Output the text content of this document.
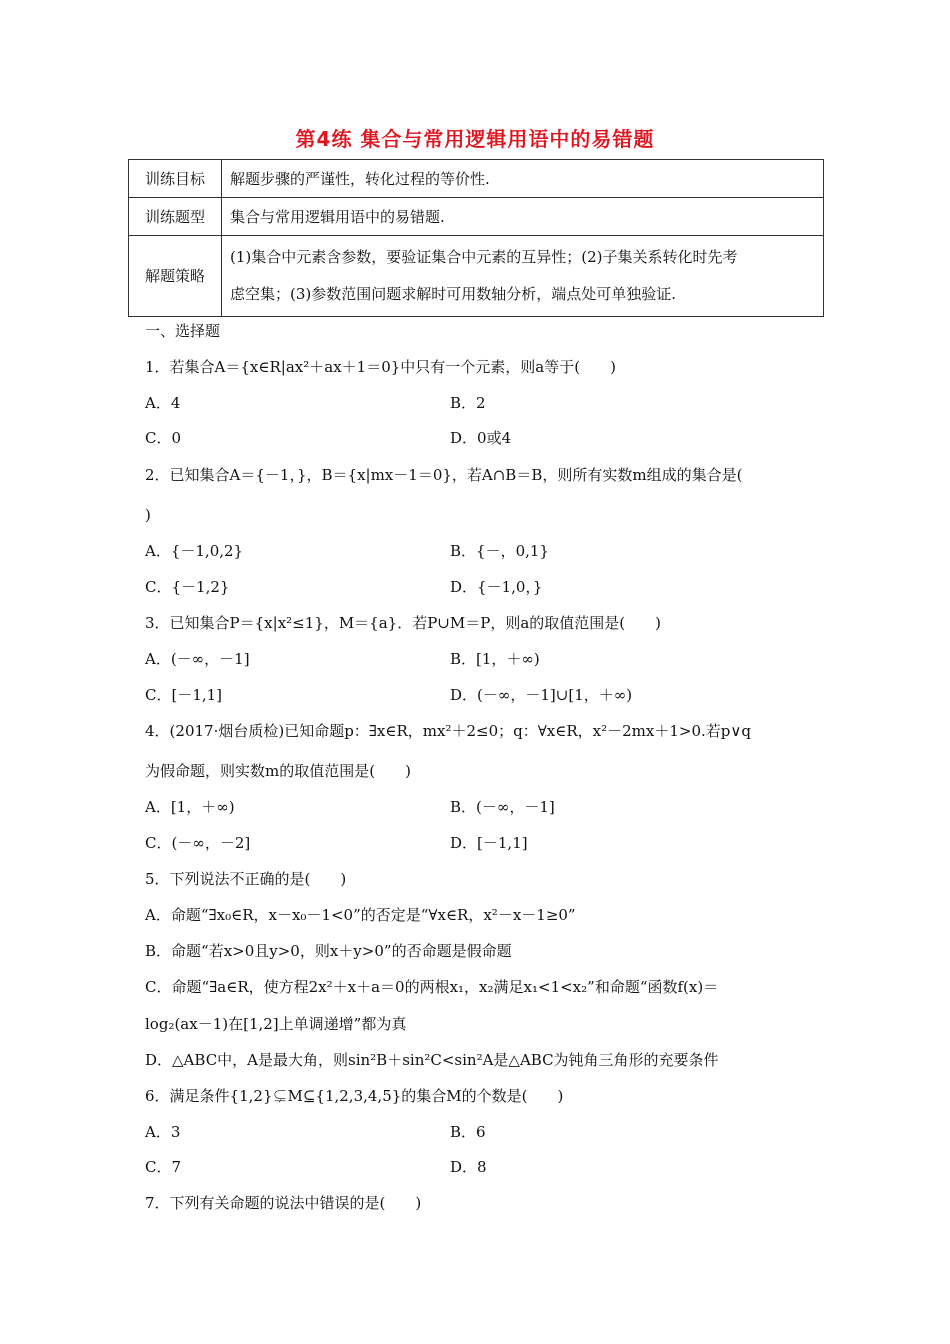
第4练 集合与常用逻辑用语中的易错题
训练目标	解题步骤的严谨性，转化过程的等价性.
训练题型	集合与常用逻辑用语中的易错题.
解题策略	(1)集合中元素含参数，要验证集合中元素的互异性；(2)子集关系转化时先考
虑空集；(3)参数范围问题求解时可用数轴分析，端点处可单独验证.
一、选择题
1．若集合A＝{x∈R|ax²＋ax＋1＝0}中只有一个元素，则a等于(　　)
A．4	B．2
C．0	D．0或4
2．已知集合A＝{－1，}，B＝{x|mx－1＝0}，若A∩B＝B，则所有实数m组成的集合是(
)
A．{－1,0,2}	B．{－，0,1}
C．{－1,2}	D．{－1,0，}
3．已知集合P＝{x|x²≤1}，M＝{a}．若P∪M＝P，则a的取值范围是(　　)
A．(－∞，－1]	B．[1，＋∞)
C．[－1,1]	D．(－∞，－1]∪[1，＋∞)
4．(2017·烟台质检)已知命题p：∃x∈R，mx²＋2≤0；q：∀x∈R，x²－2mx＋1>0.若p∨q
为假命题，则实数m的取值范围是(　　)
A．[1，＋∞)	B．(－∞，－1]
C．(－∞，－2]	D．[－1,1]
5．下列说法不正确的是(　　)
A．命题“∃x₀∈R，x－x₀－1<0”的否定是“∀x∈R，x²－x－1≥0”
B．命题“若x>0且y>0，则x＋y>0”的否命题是假命题
C．命题“∃a∈R，使方程2x²＋x＋a＝0的两根x₁，x₂满足x₁<1<x₂”和命题“函数f(x)＝
log₂(ax－1)在[1,2]上单调递增”都为真
D．△ABC中，A是最大角，则sin²B＋sin²C<sin²A是△ABC为钝角三角形的充要条件
6．满足条件{1,2}⊊M⊆{1,2,3,4,5}的集合M的个数是(　　)
A．3	B．6
C．7	D．8
7．下列有关命题的说法中错误的是(　　)
